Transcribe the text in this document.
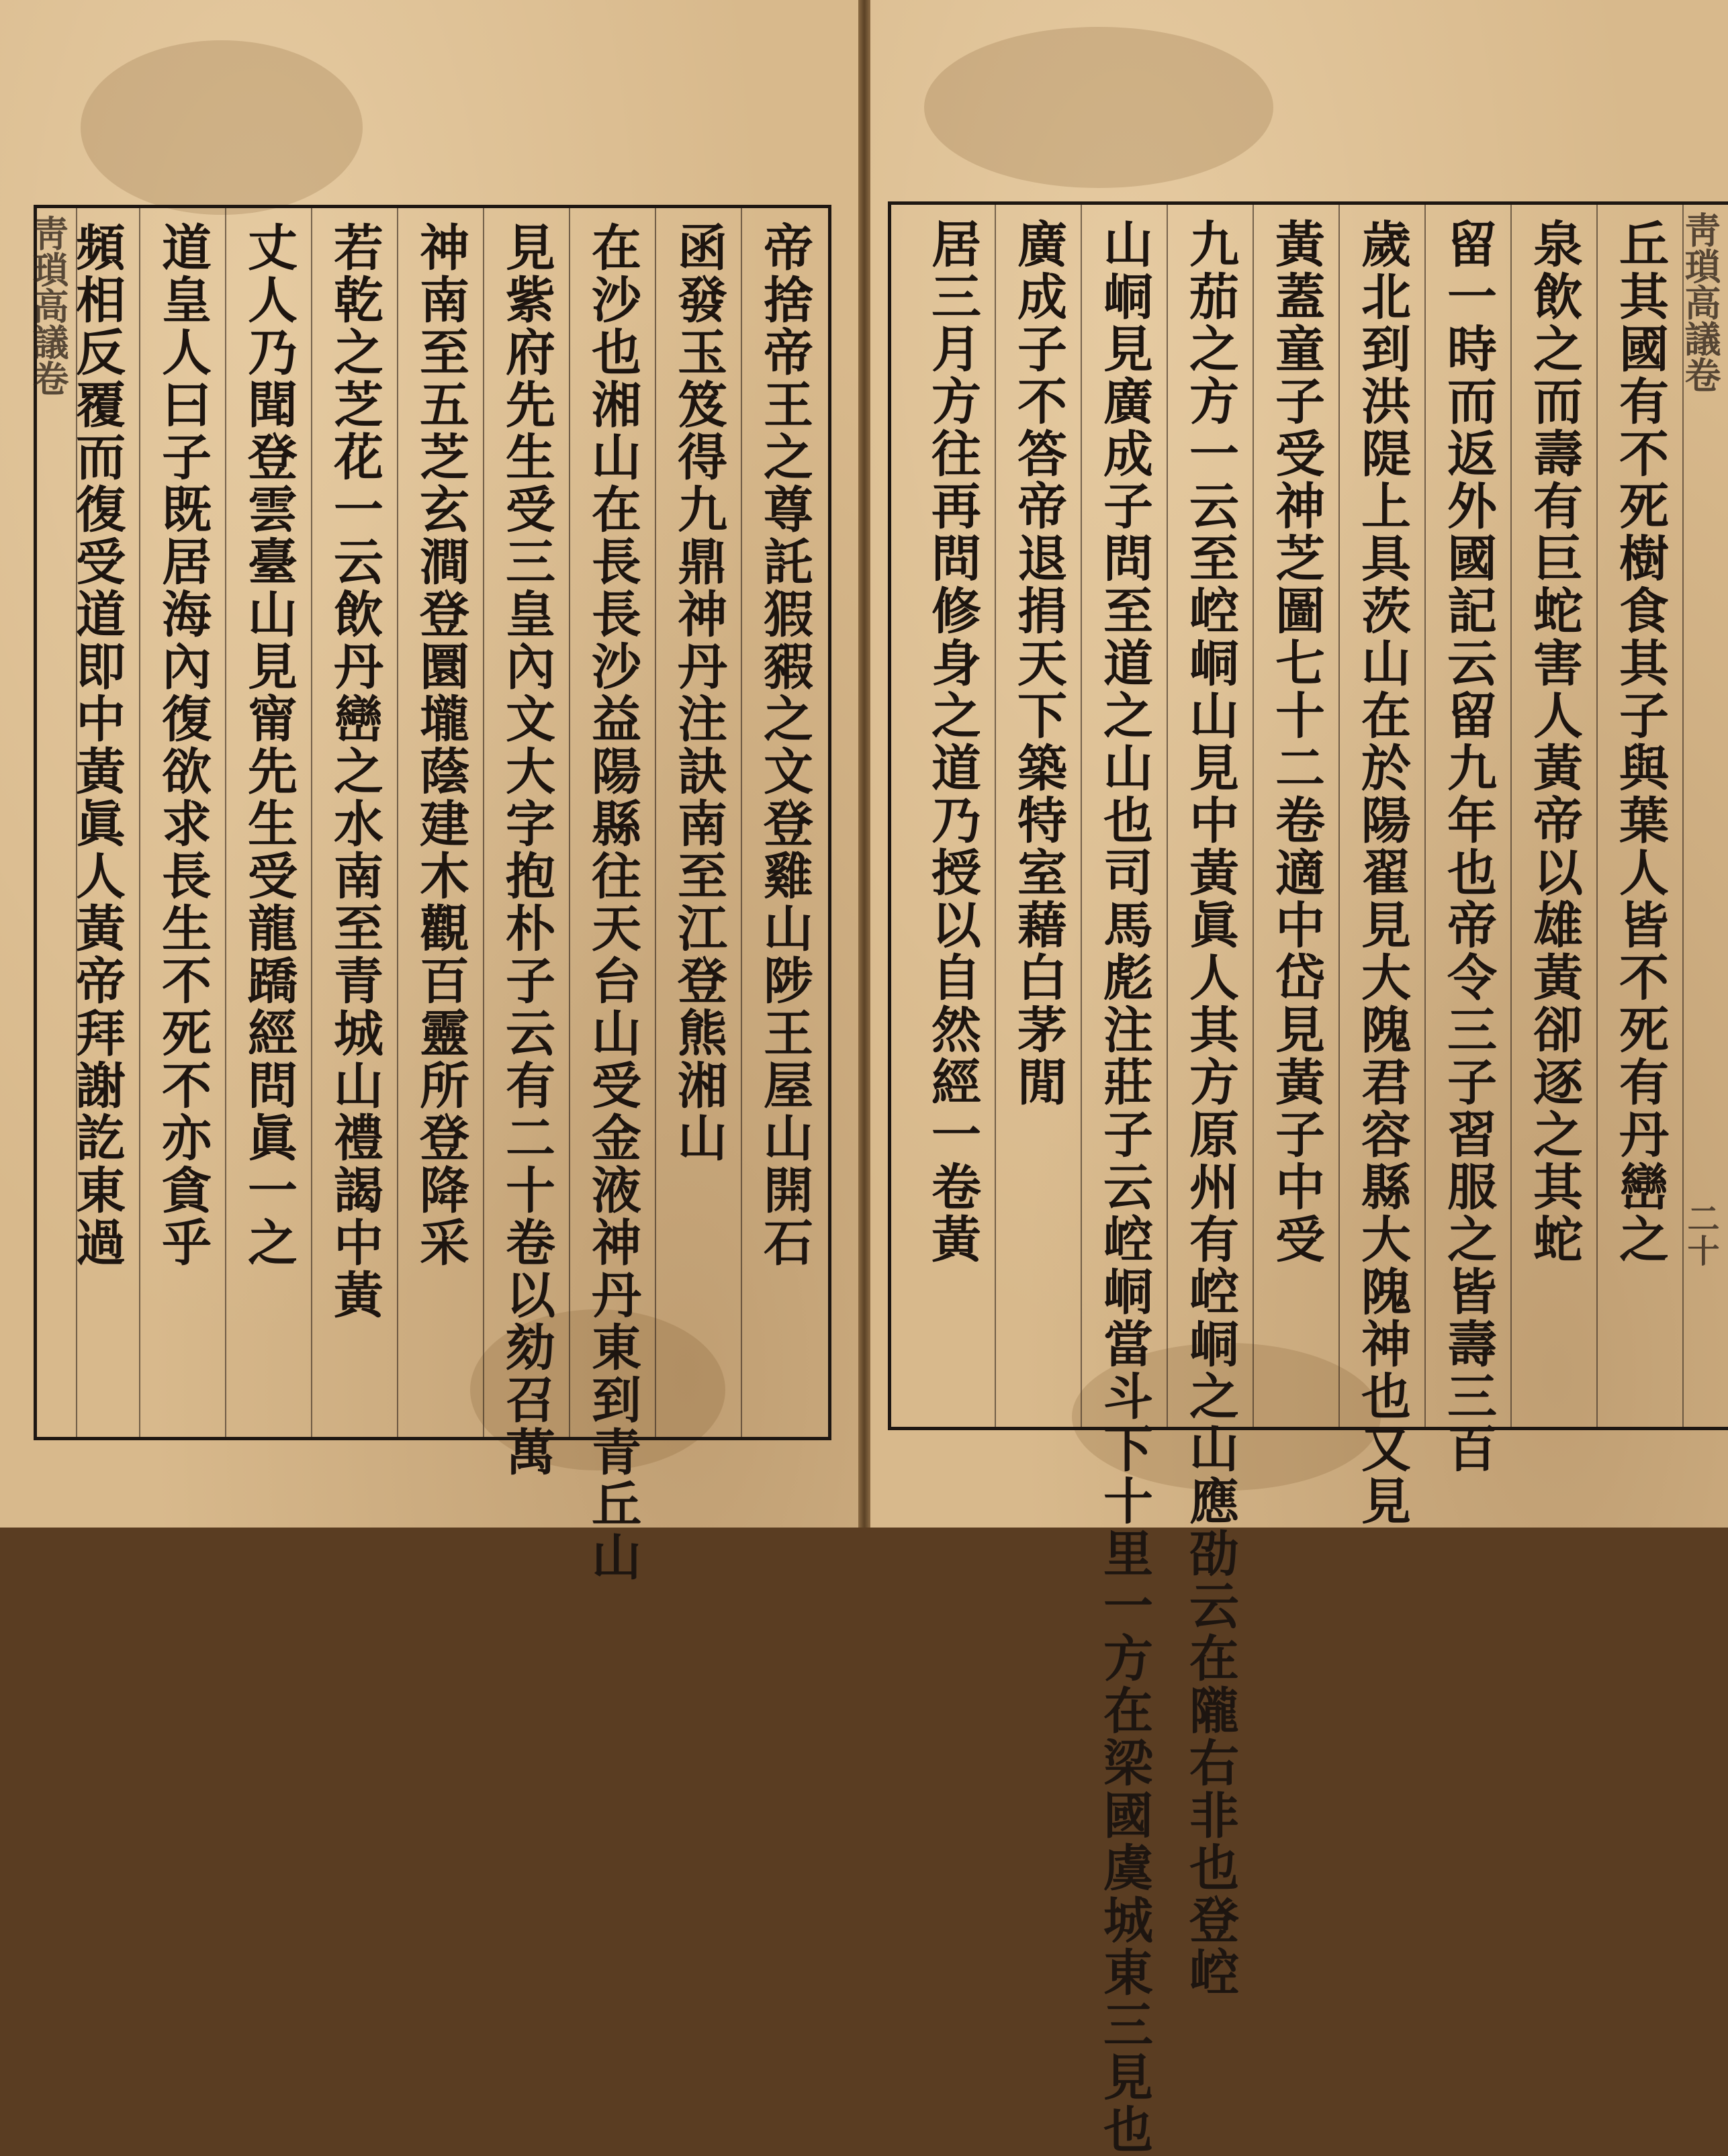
靑瑣高議卷	帝捨帝王之尊託猳豭之文登雞山陟王屋山開石
函發玉笈得九鼎神丹注訣南至江登熊湘山
在沙也湘山在長長沙益陽縣往天台山受金液神丹東到青丘山
見紫府先生受三皇內文大字抱朴子云有二十卷以劾召萬
神南至五芝玄澗登圜壠蔭建木觀百靈所登降采
若乾之芝花一云飲丹巒之水南至青城山禮謁中黃
丈人乃聞登雲臺山見甯先生受龍蹻經問眞一之
道皇人曰子既居海內復欲求長生不死不亦貪乎
頻相反覆而復受道即中黃眞人黃帝拜謝訖東過	丘其國有不死樹食其子與葉人皆不死有丹巒之
泉飲之而壽有巨蛇害人黃帝以雄黃卻逐之其蛇
留一時而返外國記云留九年也帝令三子習服之皆壽三百
歲北到洪隄上具茨山在於陽翟見大隗君容縣大隗神也又見
黃蓋童子受神芝圖七十二卷適中岱見黃子中受
九茄之方一云至崆峒山見中黃眞人其方原州有崆峒之山應劭云在隴右非也登崆
山峒見廣成子問至道之山也司馬彪注莊子云崆峒當斗下十里一方在梁國虞城東三見也
廣成子不答帝退捐天下築特室藉白茅閒
居三月方往再問修身之道乃授以自然經一卷黃	靑瑣高議卷
二十
